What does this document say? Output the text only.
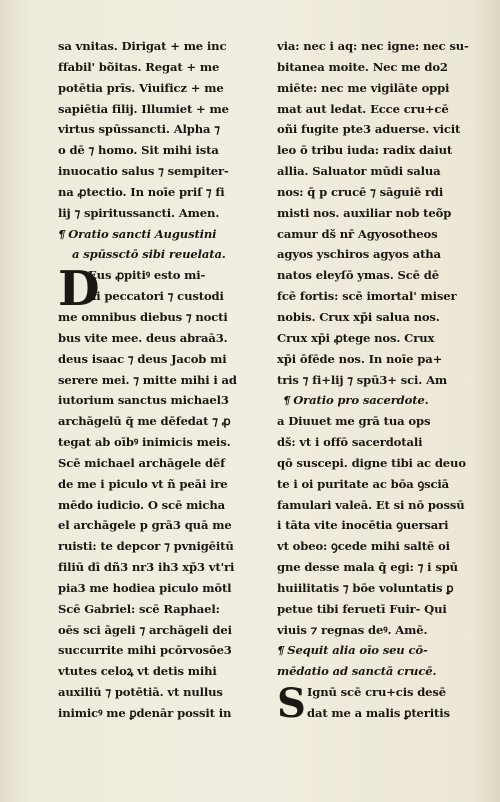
sa vnitas. Dirigat + me inc
ffabil' bõitas. Regat + me
potētia prīs. Viuificz + me
sapiētia filij. Illumiet + me
virtus spūssancti. Alpha ⁊
o dē ⁊ homo. Sit mihi ista
inuocatio salus ⁊ sempiter-
na ꝓtectio. In noīe priſ ⁊ fi
lij ⁊ spiritussancti. Amen.
¶ Oratio sancti Augustini
a spūssctō sibi reuelata.
D
Eus ꝓpitiꝰ esto mi-
hi peccatori ⁊ custodi
me omnibus diebus ⁊ nocti
bus vite mee. deus abraā3.
deus isaac ⁊ deus Jacob mi
serere mei. ⁊ mitte mihi i ad
iutorium sanctus michael3
archāgelū q̃ me dēfedat ⁊ ꝓ
tegat ab oībꝰ inimicis meis.
Scē michael archāgele dēf
de me i piculo vt ñ peāi ire
mēdo iudicio. O scē micha
el archāgele p grā3 quā me
ruisti: te depcor ⁊ pvnigēitū
filiū dī dñ3 nr3 ih3 xp̄3 vt'ri
pia3 me hodiea piculo mōtl
Scē Gabriel: scē Raphael:
oēs sci āgeli ⁊ archāgeli dei
succurrite mihi pcōrvosōe3
vtutes celoꝝ vt detis mihi
auxiliū ⁊ potētiā. vt nullus
inimicꝰ me ꝑdenār possit in
via: nec i aq: nec igne: nec su-
bitanea moite. Nec me do2
miēte: nec me vigilāte oppi
mat aut ledat. Ecce cru+cē
oñi fugite pte3 aduerse. vicit
leo ō tribu iuda: radix daiut
allia. Saluator mūdi salua
nos: q̄ p crucē ⁊ sāguiē rdi
misti nos. auxiliar nob teõp
camur dš nr̄ Agyosotheos
agyos yschiros agyos atha
natos eleyſō ymas. Scē dē
fcē fortis: scē imortal' miser
nobis. Crux xp̄i salua nos.
Crux xp̄i ꝓtege nos. Crux
xp̄i ōfēde nos. In noīe pa+
tris ⁊ fi+lij ⁊ spū3+ sci. Am
¶ Oratio pro sacerdote.
a Diuuet me grā tua ops
dš: vt i offō sacerdotali
qō suscepi. digne tibi ac deuo
te i oi puritate ac bōa ꝯsciā
famulari valeā. Et si nō possū
i tāta vite inocētia ꝯuersari
vt obeo: ꝯcede mihi saltē oi
gne desse mala q̄ egi: ⁊ i spū
huiilitatis ⁊ bōe voluntatis ꝑ
petue tibi feruetī Fuir- Qui
viuis ⁊ regnas deꝰ. Amē.
¶ Sequit alia oīo seu cō-
mēdatio ad sanctā crucē.
S Ignū scē cru+cis desē
dat me a malis ꝑteritis
